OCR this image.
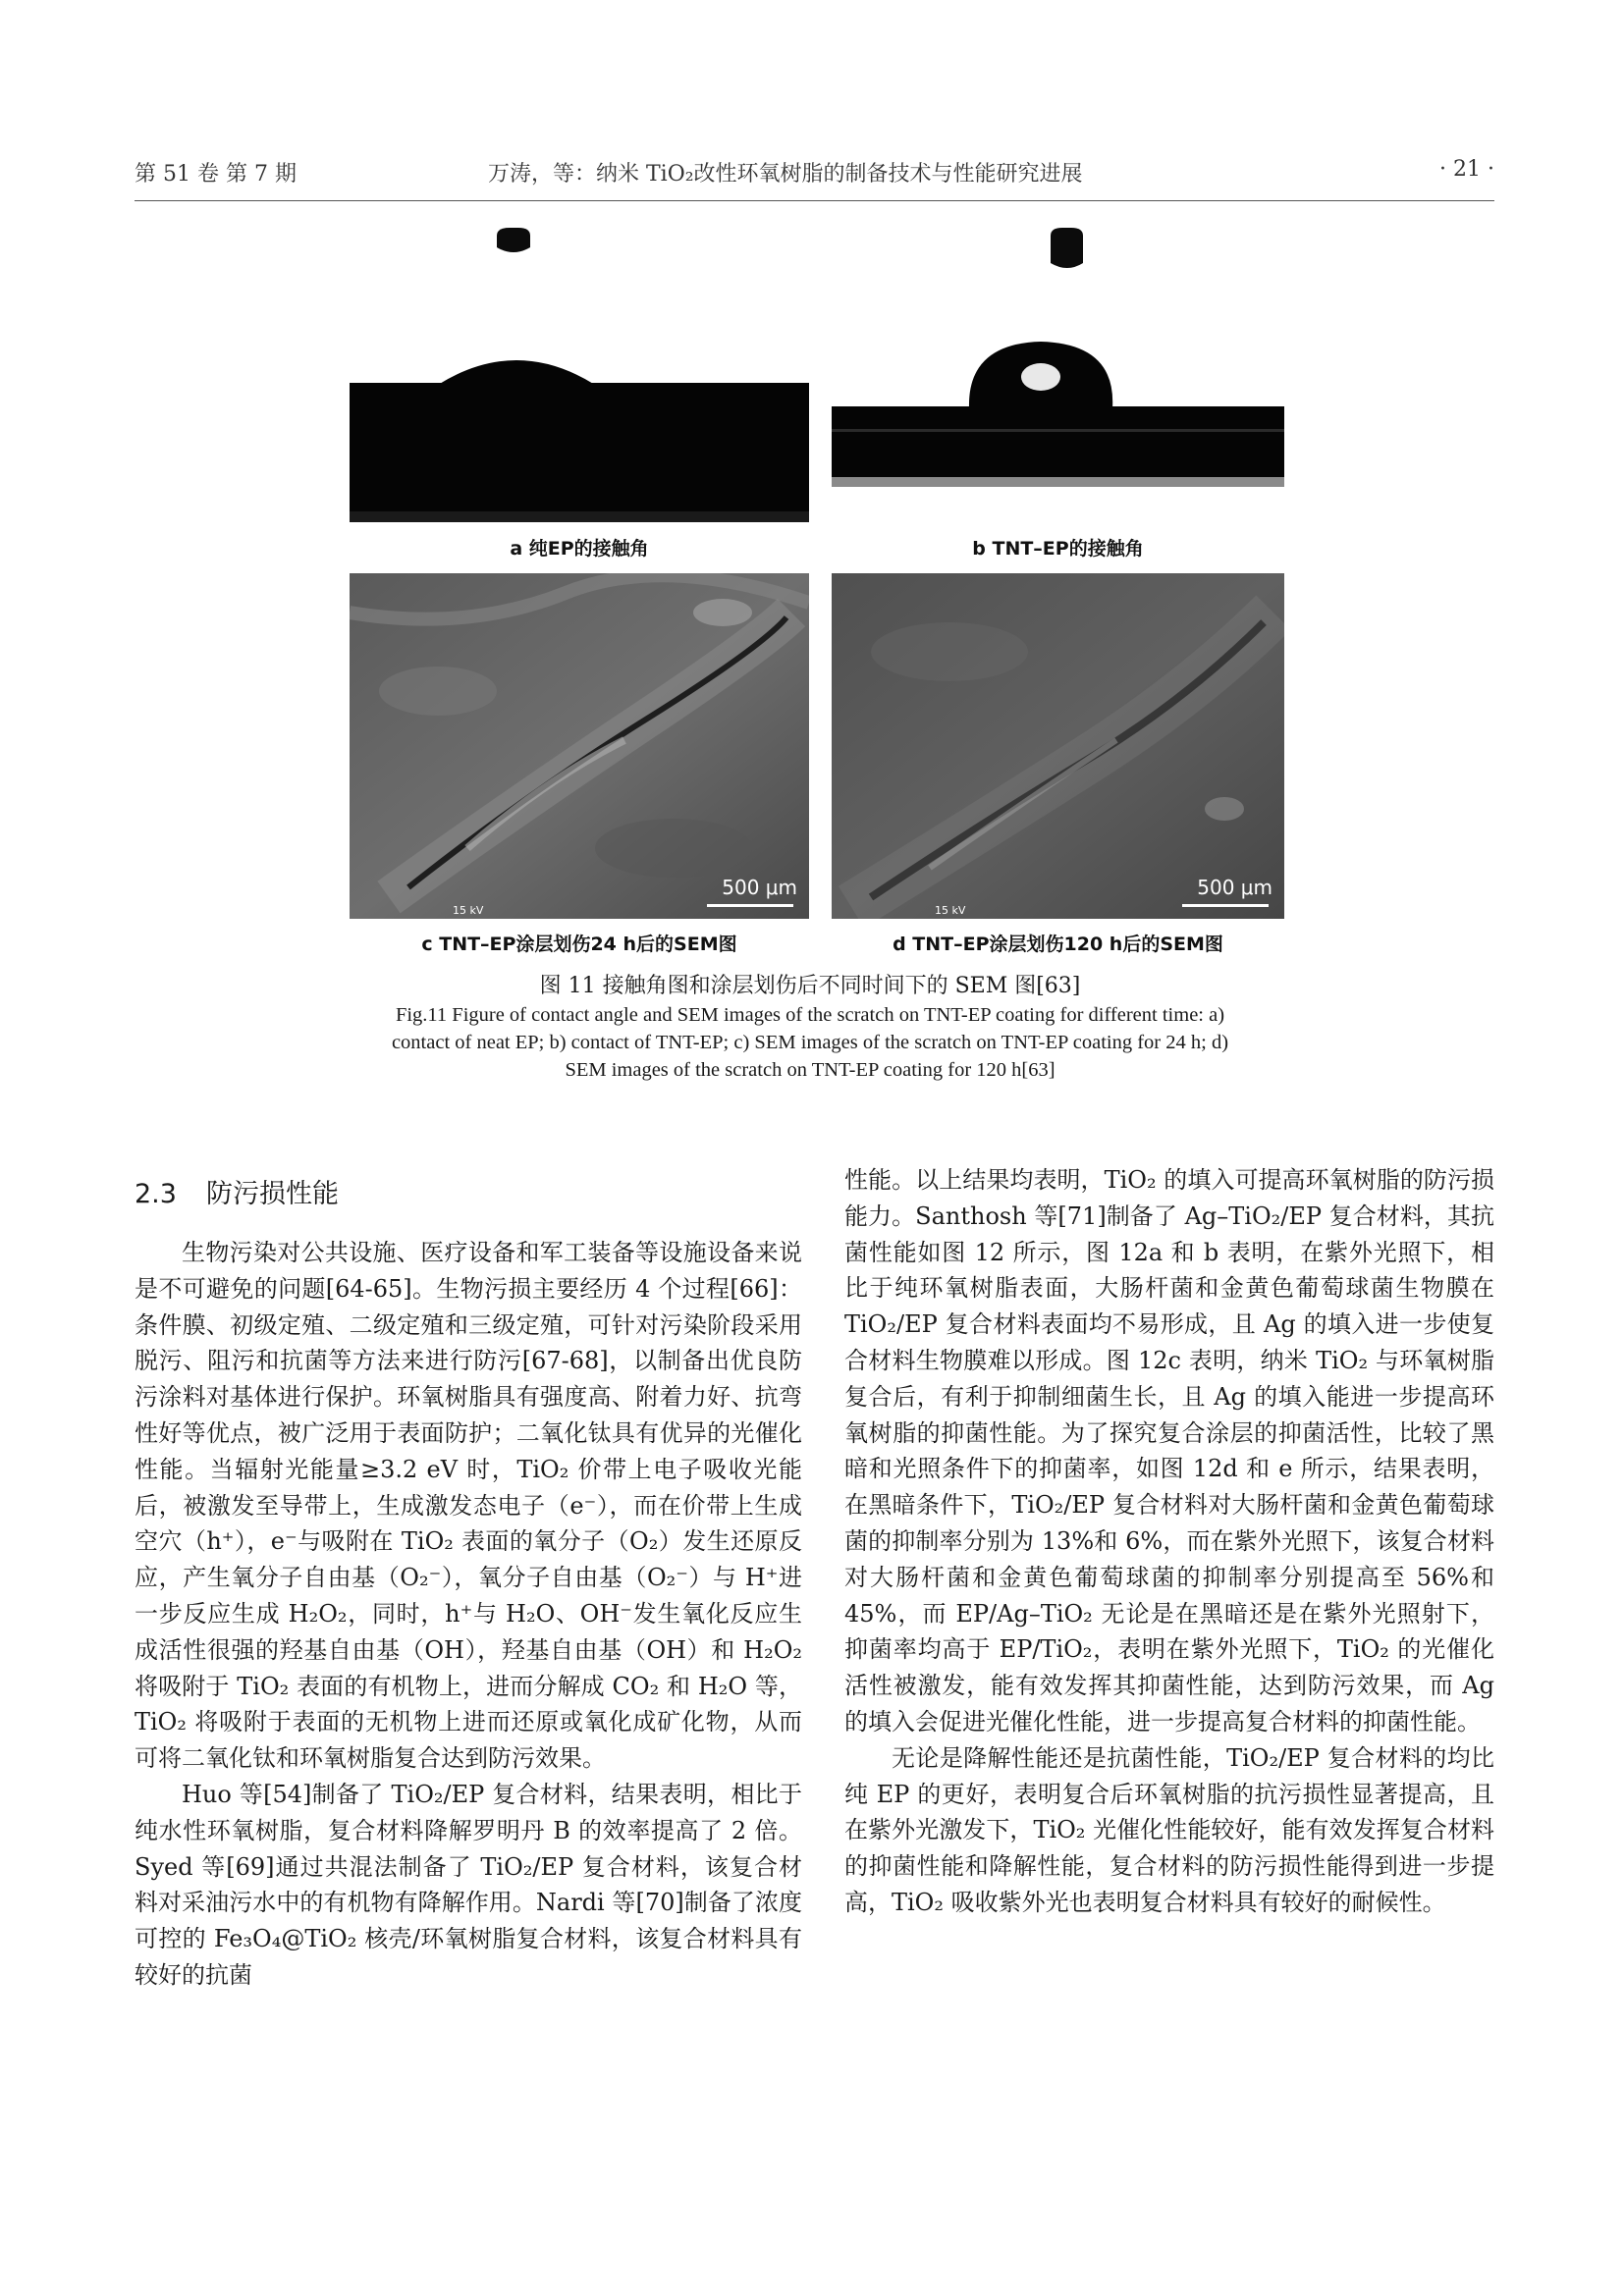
第 51 卷 第 7 期	万涛，等：纳米 TiO₂改性环氧树脂的制备技术与性能研究进展	· 21 ·
a 纯EP的接触角	b TNT–EP的接触角
500 μm
15 kV
c TNT–EP涂层划伤24 h后的SEM图
500 μm
15 kV
d TNT–EP涂层划伤120 h后的SEM图
图 11 接触角图和涂层划伤后不同时间下的 SEM 图[63]
Fig.11 Figure of contact angle and SEM images of the scratch on TNT-EP coating for different time: a) contact of neat EP; b) contact of TNT-EP; c) SEM images of the scratch on TNT-EP coating for 24 h; d) SEM images of the scratch on TNT-EP coating for 120 h[63]
2.3 防污损性能

生物污染对公共设施、医疗设备和军工装备等设施设备来说是不可避免的问题[64-65]。生物污损主要经历 4 个过程[66]：条件膜、初级定殖、二级定殖和三级定殖，可针对污染阶段采用脱污、阻污和抗菌等方法来进行防污[67-68]，以制备出优良防污涂料对基体进行保护。环氧树脂具有强度高、附着力好、抗弯性好等优点，被广泛用于表面防护；二氧化钛具有优异的光催化性能。当辐射光能量≥3.2 eV 时，TiO₂ 价带上电子吸收光能后，被激发至导带上，生成激发态电子（e⁻），而在价带上生成空穴（h⁺），e⁻与吸附在 TiO₂ 表面的氧分子（O₂）发生还原反应，产生氧分子自由基（O₂⁻），氧分子自由基（O₂⁻）与 H⁺进一步反应生成 H₂O₂，同时，h⁺与 H₂O、OH⁻发生氧化反应生成活性很强的羟基自由基（OH），羟基自由基（OH）和 H₂O₂ 将吸附于 TiO₂ 表面的有机物上，进而分解成 CO₂ 和 H₂O 等，TiO₂ 将吸附于表面的无机物上进而还原或氧化成矿化物，从而可将二氧化钛和环氧树脂复合达到防污效果。

Huo 等[54]制备了 TiO₂/EP 复合材料，结果表明，相比于纯水性环氧树脂，复合材料降解罗明丹 B 的效率提高了 2 倍。Syed 等[69]通过共混法制备了 TiO₂/EP 复合材料，该复合材料对采油污水中的有机物有降解作用。Nardi 等[70]制备了浓度可控的 Fe₃O₄@TiO₂ 核壳/环氧树脂复合材料，该复合材料具有较好的抗菌

性能。以上结果均表明，TiO₂ 的填入可提高环氧树脂的防污损能力。Santhosh 等[71]制备了 Ag–TiO₂/EP 复合材料，其抗菌性能如图 12 所示，图 12a 和 b 表明，在紫外光照下，相比于纯环氧树脂表面，大肠杆菌和金黄色葡萄球菌生物膜在 TiO₂/EP 复合材料表面均不易形成，且 Ag 的填入进一步使复合材料生物膜难以形成。图 12c 表明，纳米 TiO₂ 与环氧树脂复合后，有利于抑制细菌生长，且 Ag 的填入能进一步提高环氧树脂的抑菌性能。为了探究复合涂层的抑菌活性，比较了黑暗和光照条件下的抑菌率，如图 12d 和 e 所示，结果表明，在黑暗条件下，TiO₂/EP 复合材料对大肠杆菌和金黄色葡萄球菌的抑制率分别为 13%和 6%，而在紫外光照下，该复合材料对大肠杆菌和金黄色葡萄球菌的抑制率分别提高至 56%和 45%，而 EP/Ag–TiO₂ 无论是在黑暗还是在紫外光照射下，抑菌率均高于 EP/TiO₂，表明在紫外光照下，TiO₂ 的光催化活性被激发，能有效发挥其抑菌性能，达到防污效果，而 Ag 的填入会促进光催化性能，进一步提高复合材料的抑菌性能。

无论是降解性能还是抗菌性能，TiO₂/EP 复合材料的均比纯 EP 的更好，表明复合后环氧树脂的抗污损性显著提高，且在紫外光激发下，TiO₂ 光催化性能较好，能有效发挥复合材料的抑菌性能和降解性能，复合材料的防污损性能得到进一步提高，TiO₂ 吸收紫外光也表明复合材料具有较好的耐候性。
